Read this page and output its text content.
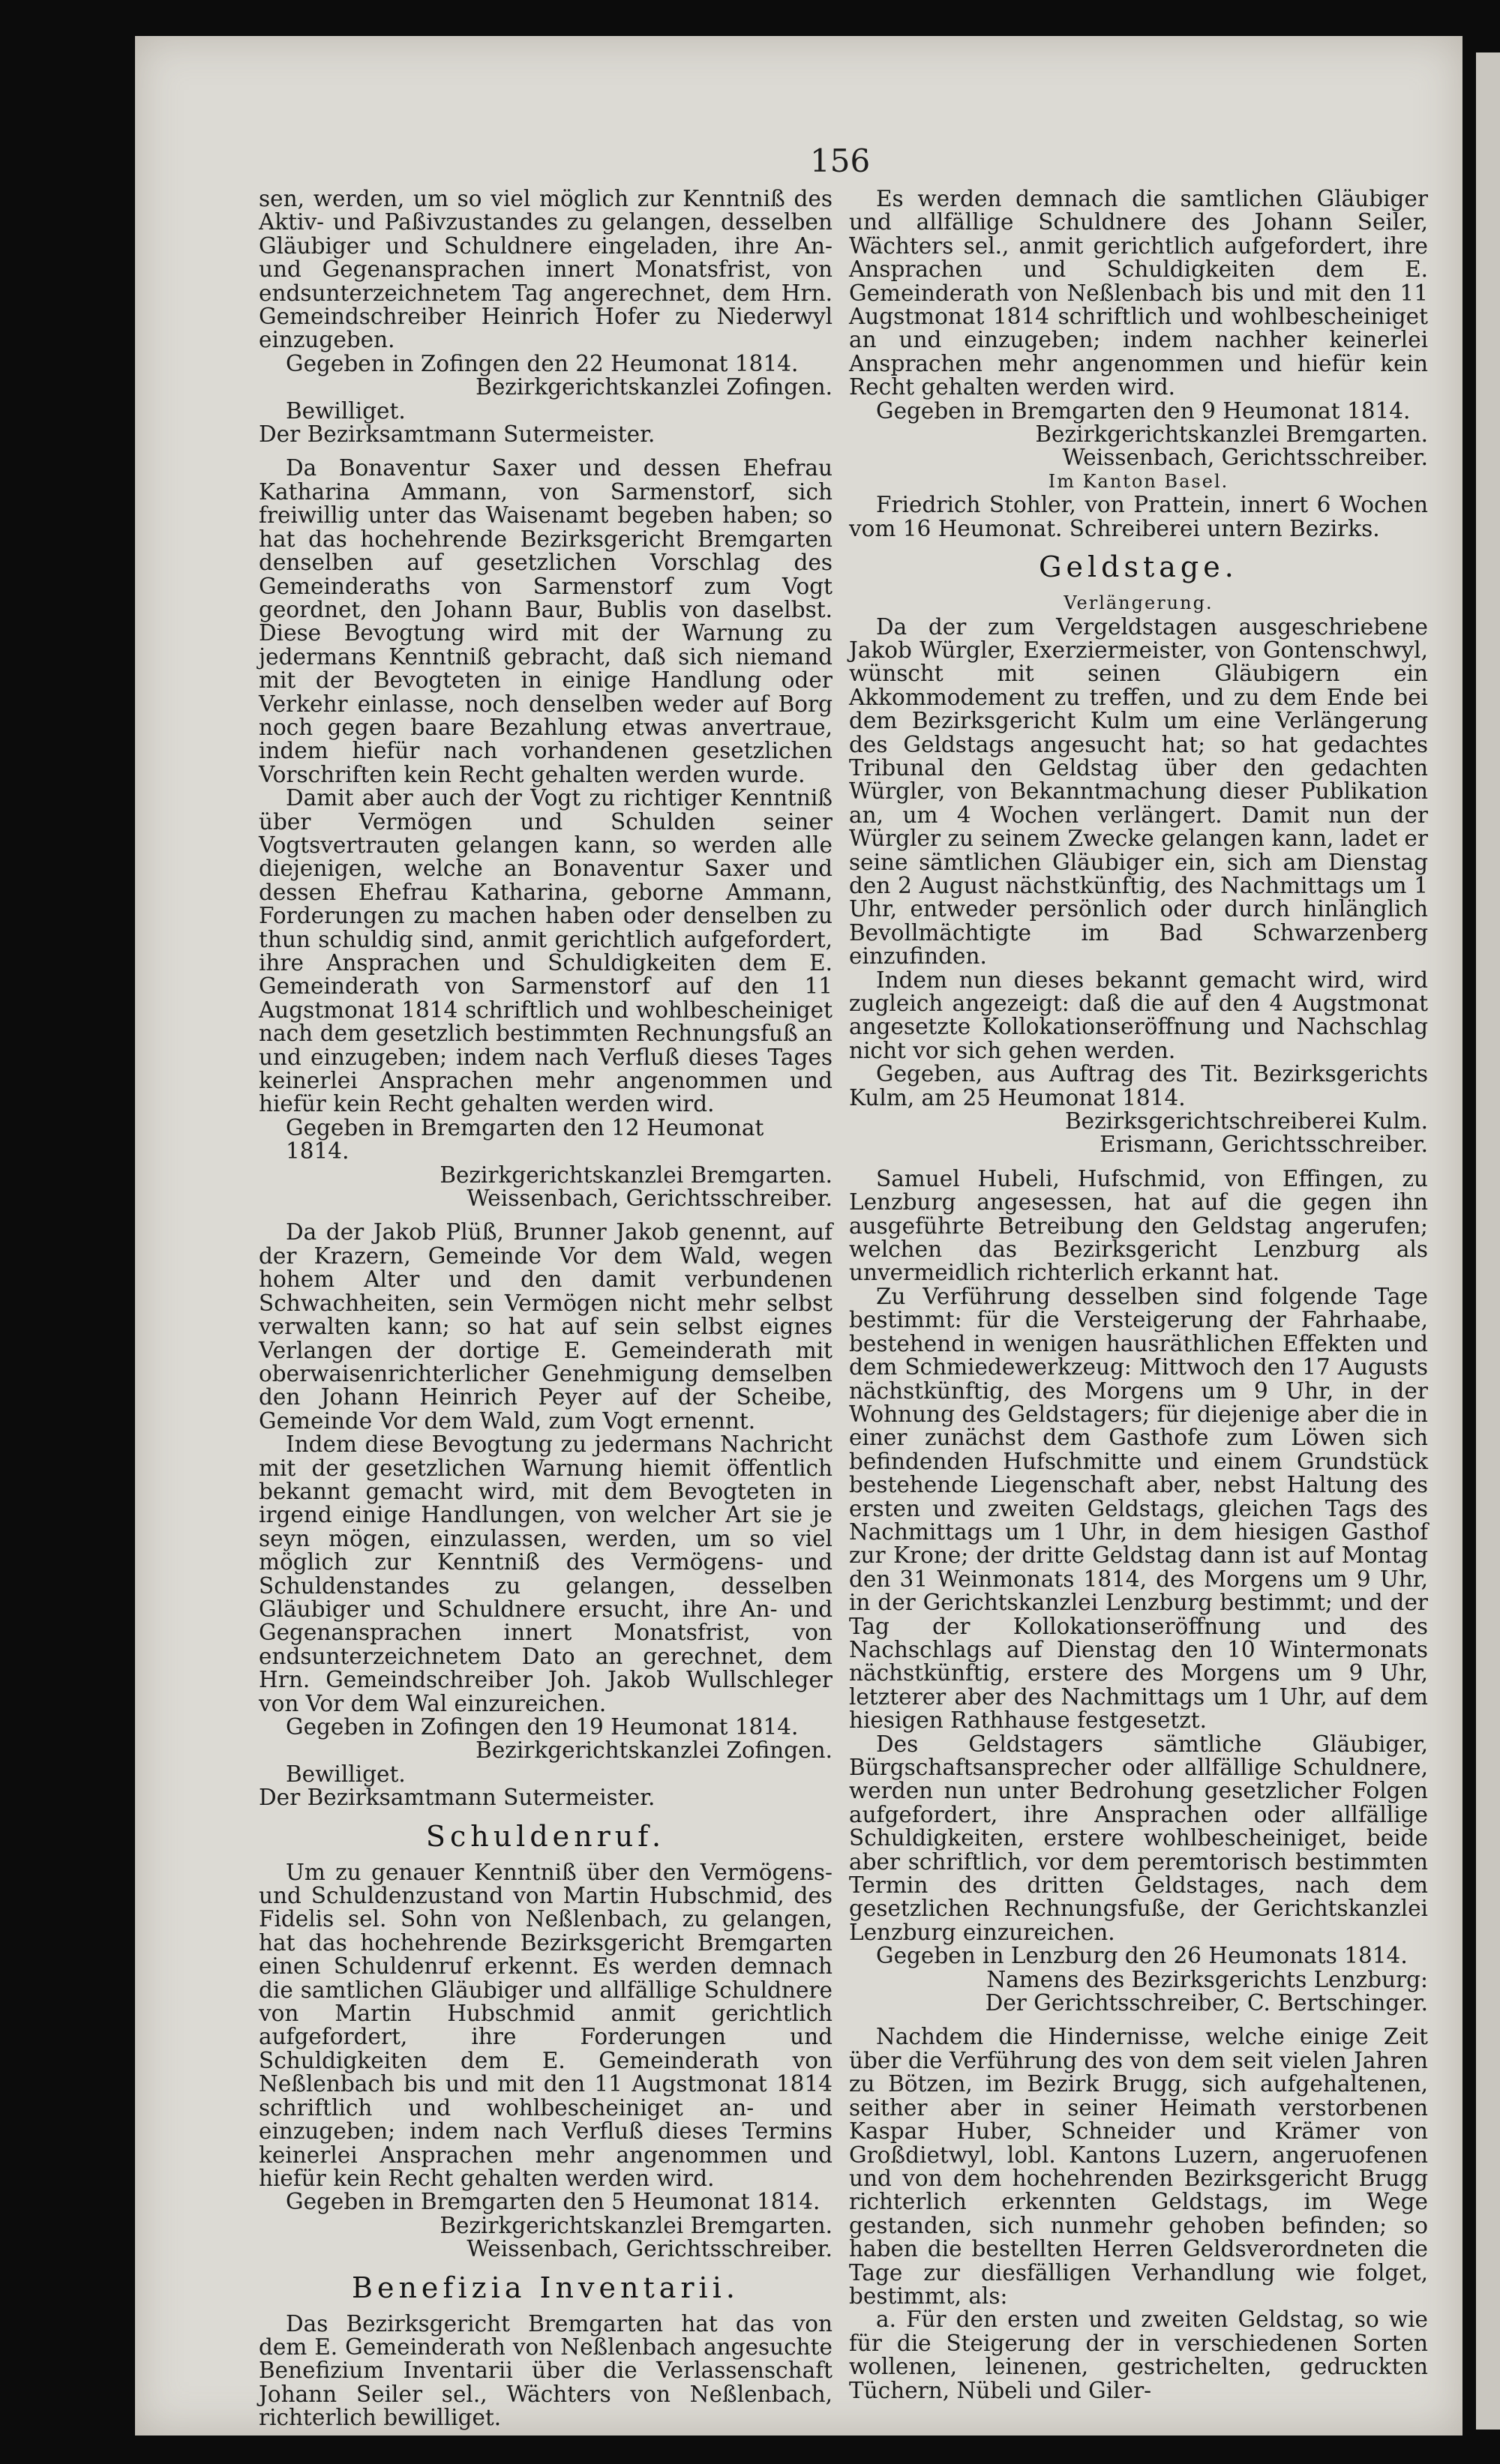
156

sen, werden, um so viel möglich zur Kenntniß des Aktiv- und Paßivzustandes zu gelangen, desselben Gläubiger und Schuldnere eingeladen, ihre An- und Gegenansprachen innert Monatsfrist, von endsunterzeichnetem Tag angerechnet, dem Hrn. Gemeindschreiber Heinrich Hofer zu Niederwyl einzugeben.

Gegeben in Zofingen den 22 Heumonat 1814.

Bezirkgerichtskanzlei Zofingen.

Bewilliget.

Der Bezirksamtmann Sutermeister.

Da Bonaventur Saxer und dessen Ehefrau Katharina Ammann, von Sarmenstorf, sich freiwillig unter das Waisenamt begeben haben; so hat das hochehrende Bezirksgericht Bremgarten denselben auf gesetzlichen Vorschlag des Gemeinderaths von Sarmenstorf zum Vogt geordnet, den Johann Baur, Bublis von daselbst. Diese Bevogtung wird mit der Warnung zu jedermans Kenntniß gebracht, daß sich niemand mit der Bevogteten in einige Handlung oder Verkehr einlasse, noch denselben weder auf Borg noch gegen baare Bezahlung etwas anvertraue, indem hiefür nach vorhandenen gesetzlichen Vorschriften kein Recht gehalten werden wurde.

Damit aber auch der Vogt zu richtiger Kenntniß über Vermögen und Schulden seiner Vogtsvertrauten gelangen kann, so werden alle diejenigen, welche an Bonaventur Saxer und dessen Ehefrau Katharina, geborne Ammann, Forderungen zu machen haben oder denselben zu thun schuldig sind, anmit gerichtlich aufgefordert, ihre Ansprachen und Schuldigkeiten dem E. Gemeinderath von Sarmenstorf auf den 11 Augstmonat 1814 schriftlich und wohlbescheiniget nach dem gesetzlich bestimmten Rechnungsfuß an und einzugeben; indem nach Verfluß dieses Tages keinerlei Ansprachen mehr angenommen und hiefür kein Recht gehalten werden wird.

Gegeben in Bremgarten den 12 Heumonat 1814.

Bezirkgerichtskanzlei Bremgarten.

Weissenbach, Gerichtsschreiber.

Da der Jakob Plüß, Brunner Jakob genennt, auf der Krazern, Gemeinde Vor dem Wald, wegen hohem Alter und den damit verbundenen Schwachheiten, sein Vermögen nicht mehr selbst verwalten kann; so hat auf sein selbst eignes Verlangen der dortige E. Gemeinderath mit oberwaisenrichterlicher Genehmigung demselben den Johann Heinrich Peyer auf der Scheibe, Gemeinde Vor dem Wald, zum Vogt ernennt.

Indem diese Bevogtung zu jedermans Nachricht mit der gesetzlichen Warnung hiemit öffentlich bekannt gemacht wird, mit dem Bevogteten in irgend einige Handlungen, von welcher Art sie je seyn mögen, einzulassen, werden, um so viel möglich zur Kenntniß des Vermögens- und Schuldenstandes zu gelangen, desselben Gläubiger und Schuldnere ersucht, ihre An- und Gegenansprachen innert Monatsfrist, von endsunterzeichnetem Dato an gerechnet, dem Hrn. Gemeindschreiber Joh. Jakob Wullschleger von Vor dem Wal einzureichen.

Gegeben in Zofingen den 19 Heumonat 1814.

Bezirkgerichtskanzlei Zofingen.

Bewilliget.

Der Bezirksamtmann Sutermeister.

Schuldenruf.

Um zu genauer Kenntniß über den Vermögens- und Schuldenzustand von Martin Hubschmid, des Fidelis sel. Sohn von Neßlenbach, zu gelangen, hat das hochehrende Bezirksgericht Bremgarten einen Schuldenruf erkennt. Es werden demnach die samtlichen Gläubiger und allfällige Schuldnere von Martin Hubschmid anmit gerichtlich aufgefordert, ihre Forderungen und Schuldigkeiten dem E. Gemeinderath von Neßlenbach bis und mit den 11 Augstmonat 1814 schriftlich und wohlbescheiniget an- und einzugeben; indem nach Verfluß dieses Termins keinerlei Ansprachen mehr angenommen und hiefür kein Recht gehalten werden wird.

Gegeben in Bremgarten den 5 Heumonat 1814.

Bezirkgerichtskanzlei Bremgarten.

Weissenbach, Gerichtsschreiber.

Benefizia Inventarii.

Das Bezirksgericht Bremgarten hat das von dem E. Gemeinderath von Neßlenbach angesuchte Benefizium Inventarii über die Verlassenschaft Johann Seiler sel., Wächters von Neßlenbach, richterlich bewilliget.

Es werden demnach die samtlichen Gläubiger und allfällige Schuldnere des Johann Seiler, Wächters sel., anmit gerichtlich aufgefordert, ihre Ansprachen und Schuldigkeiten dem E. Gemeinderath von Neßlenbach bis und mit den 11 Augstmonat 1814 schriftlich und wohlbescheiniget an und einzugeben; indem nachher keinerlei Ansprachen mehr angenommen und hiefür kein Recht gehalten werden wird.

Gegeben in Bremgarten den 9 Heumonat 1814.

Bezirkgerichtskanzlei Bremgarten.

Weissenbach, Gerichtsschreiber.

Im Kanton Basel.

Friedrich Stohler, von Prattein, innert 6 Wochen vom 16 Heumonat. Schreiberei untern Bezirks.

Geldstage.

Verlängerung.

Da der zum Vergeldstagen ausgeschriebene Jakob Würgler, Exerziermeister, von Gontenschwyl, wünscht mit seinen Gläubigern ein Akkommodement zu treffen, und zu dem Ende bei dem Bezirksgericht Kulm um eine Verlängerung des Geldstags angesucht hat; so hat gedachtes Tribunal den Geldstag über den gedachten Würgler, von Bekanntmachung dieser Publikation an, um 4 Wochen verlängert. Damit nun der Würgler zu seinem Zwecke gelangen kann, ladet er seine sämtlichen Gläubiger ein, sich am Dienstag den 2 August nächstkünftig, des Nachmittags um 1 Uhr, entweder persönlich oder durch hinlänglich Bevollmächtigte im Bad Schwarzenberg einzufinden.

Indem nun dieses bekannt gemacht wird, wird zugleich angezeigt: daß die auf den 4 Augstmonat angesetzte Kollokationseröffnung und Nachschlag nicht vor sich gehen werden.

Gegeben, aus Auftrag des Tit. Bezirksgerichts Kulm, am 25 Heumonat 1814.

Bezirksgerichtschreiberei Kulm.

Erismann, Gerichtsschreiber.

Samuel Hubeli, Hufschmid, von Effingen, zu Lenzburg angesessen, hat auf die gegen ihn ausgeführte Betreibung den Geldstag angerufen; welchen das Bezirksgericht Lenzburg als unvermeidlich richterlich erkannt hat.

Zu Verführung desselben sind folgende Tage bestimmt: für die Versteigerung der Fahrhaabe, bestehend in wenigen hausräthlichen Effekten und dem Schmiedewerkzeug: Mittwoch den 17 Augusts nächstkünftig, des Morgens um 9 Uhr, in der Wohnung des Geldstagers; für diejenige aber die in einer zunächst dem Gasthofe zum Löwen sich befindenden Hufschmitte und einem Grundstück bestehende Liegenschaft aber, nebst Haltung des ersten und zweiten Geldstags, gleichen Tags des Nachmittags um 1 Uhr, in dem hiesigen Gasthof zur Krone; der dritte Geldstag dann ist auf Montag den 31 Weinmonats 1814, des Morgens um 9 Uhr, in der Gerichtskanzlei Lenzburg bestimmt; und der Tag der Kollokationseröffnung und des Nachschlags auf Dienstag den 10 Wintermonats nächstkünftig, erstere des Morgens um 9 Uhr, letzterer aber des Nachmittags um 1 Uhr, auf dem hiesigen Rathhause festgesetzt.

Des Geldstagers sämtliche Gläubiger, Bürgschaftsansprecher oder allfällige Schuldnere, werden nun unter Bedrohung gesetzlicher Folgen aufgefordert, ihre Ansprachen oder allfällige Schuldigkeiten, erstere wohlbescheiniget, beide aber schriftlich, vor dem peremtorisch bestimmten Termin des dritten Geldstages, nach dem gesetzlichen Rechnungsfuße, der Gerichtskanzlei Lenzburg einzureichen.

Gegeben in Lenzburg den 26 Heumonats 1814.

Namens des Bezirksgerichts Lenzburg:

Der Gerichtsschreiber, C. Bertschinger.

Nachdem die Hindernisse, welche einige Zeit über die Verführung des von dem seit vielen Jahren zu Bötzen, im Bezirk Brugg, sich aufgehaltenen, seither aber in seiner Heimath verstorbenen Kaspar Huber, Schneider und Krämer von Großdietwyl, lobl. Kantons Luzern, angeruofenen und von dem hochehrenden Bezirksgericht Brugg richterlich erkennten Geldstags, im Wege gestanden, sich nunmehr gehoben befinden; so haben die bestellten Herren Geldsverordneten die Tage zur diesfälligen Verhandlung wie folget, bestimmt, als:

a. Für den ersten und zweiten Geldstag, so wie für die Steigerung der in verschiedenen Sorten wollenen, leinenen, gestrichelten, gedruckten Tüchern, Nübeli und Giler-
